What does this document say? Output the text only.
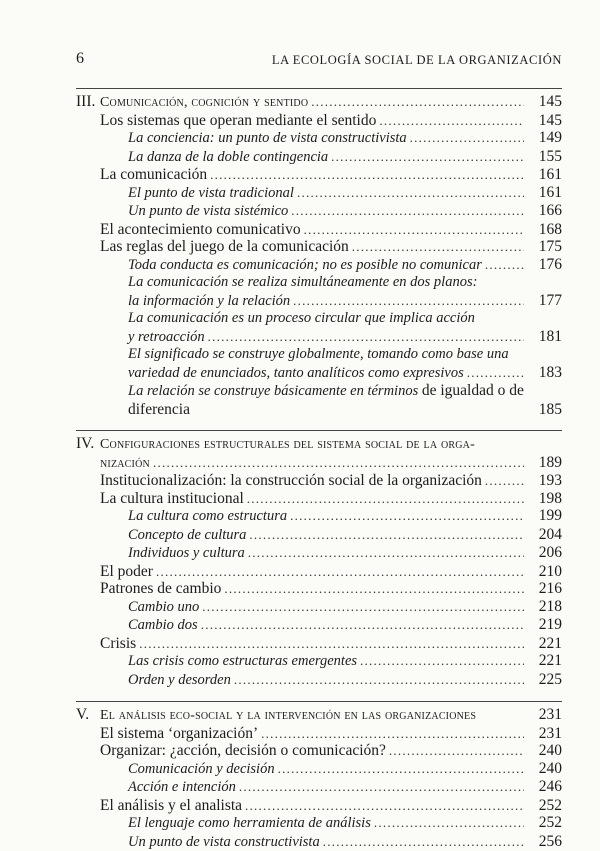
6	LA ECOLOGÍA SOCIAL DE LA ORGANIZACIÓN
III. Comunicación, cognición y sentido . . .	145
Los sistemas que operan mediante el sentido . . .	145
La conciencia: un punto de vista constructivista . . .	149
La danza de la doble contingencia . . .	155
La comunicación . . .	161
El punto de vista tradicional . . .	161
Un punto de vista sistémico . . .	166
El acontecimiento comunicativo . . .	168
Las reglas del juego de la comunicación . . .	175
Toda conducta es comunicación; no es posible no comunicar . . .	176
La comunicación se realiza simultáneamente en dos planos:
la información y la relación . . .	177
La comunicación es un proceso circular que implica acción
y retroacción . . .	181
El significado se construye globalmente, tomando como base una
variedad de enunciados, tanto analíticos como expresivos . . .	183
La relación se construye básicamente en términos de igualdad o de
diferencia	185
IV. Configuraciones estructurales del sistema social de la orga-
nización . . .	189
Institucionalización: la construcción social de la organización . . .	193
La cultura institucional . . .	198
La cultura como estructura . . .	199
Concepto de cultura . . .	204
Individuos y cultura . . .	206
El poder . . .	210
Patrones de cambio . . .	216
Cambio uno . . .	218
Cambio dos . . .	219
Crisis . . .	221
Las crisis como estructuras emergentes . . .	221
Orden y desorden . . .	225
V. El análisis eco-social y la intervención en las organizaciones	231
El sistema ‘organización’ . . .	231
Organizar: ¿acción, decisión o comunicación? . . .	240
Comunicación y decisión . . .	240
Acción e intención . . .	246
El análisis y el analista . . .	252
El lenguaje como herramienta de análisis . . .	252
Un punto de vista constructivista . . .	256
